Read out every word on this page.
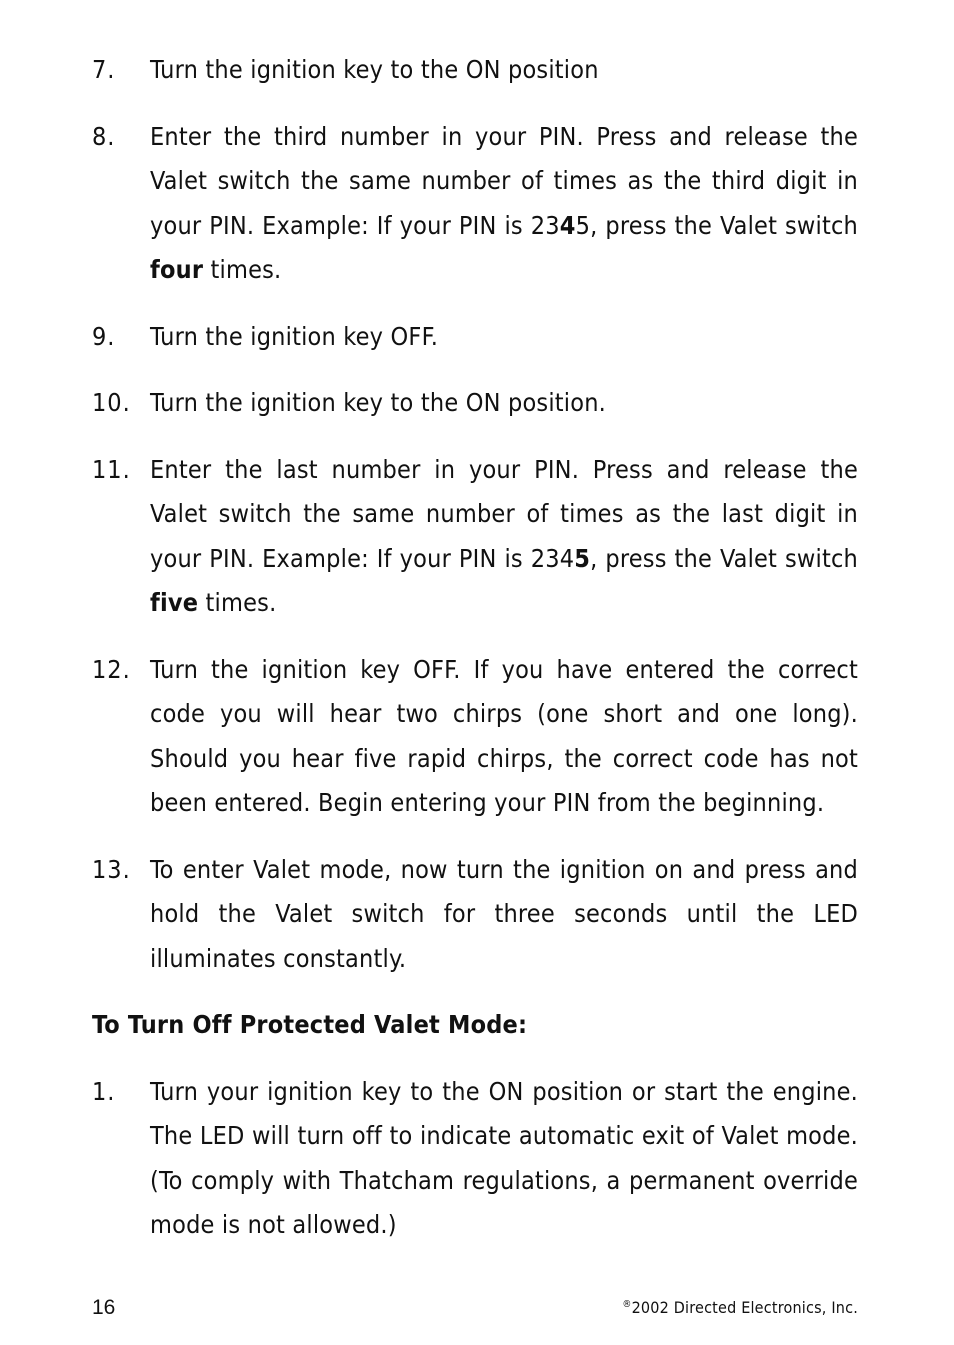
7.	Turn the ignition key to the ON position
8.	Enter the third number in your PIN. Press and release the Valet switch the same number of times as the third digit in your PIN. Example: If your PIN is 2345, press the Valet switch four times.
9.	Turn the ignition key OFF.
10. Turn the ignition key to the ON position.
11. Enter the last number in your PIN. Press and release the Valet switch the same number of times as the last digit in your PIN. Example: If your PIN is 2345, press the Valet switch five times.
12. Turn the ignition key OFF. If you have entered the correct code you will hear two chirps (one short and one long). Should you hear five rapid chirps, the correct code has not been entered. Begin entering your PIN from the beginning.
13. To enter Valet mode, now turn the ignition on and press and hold the Valet switch for three seconds until the LED illuminates constantly.
To Turn Off Protected Valet Mode:
1.	Turn your ignition key to the ON position or start the engine. The LED will turn off to indicate automatic exit of Valet mode. (To comply with Thatcham regulations, a permanent override mode is not allowed.)
16	®2002 Directed Electronics, Inc.
